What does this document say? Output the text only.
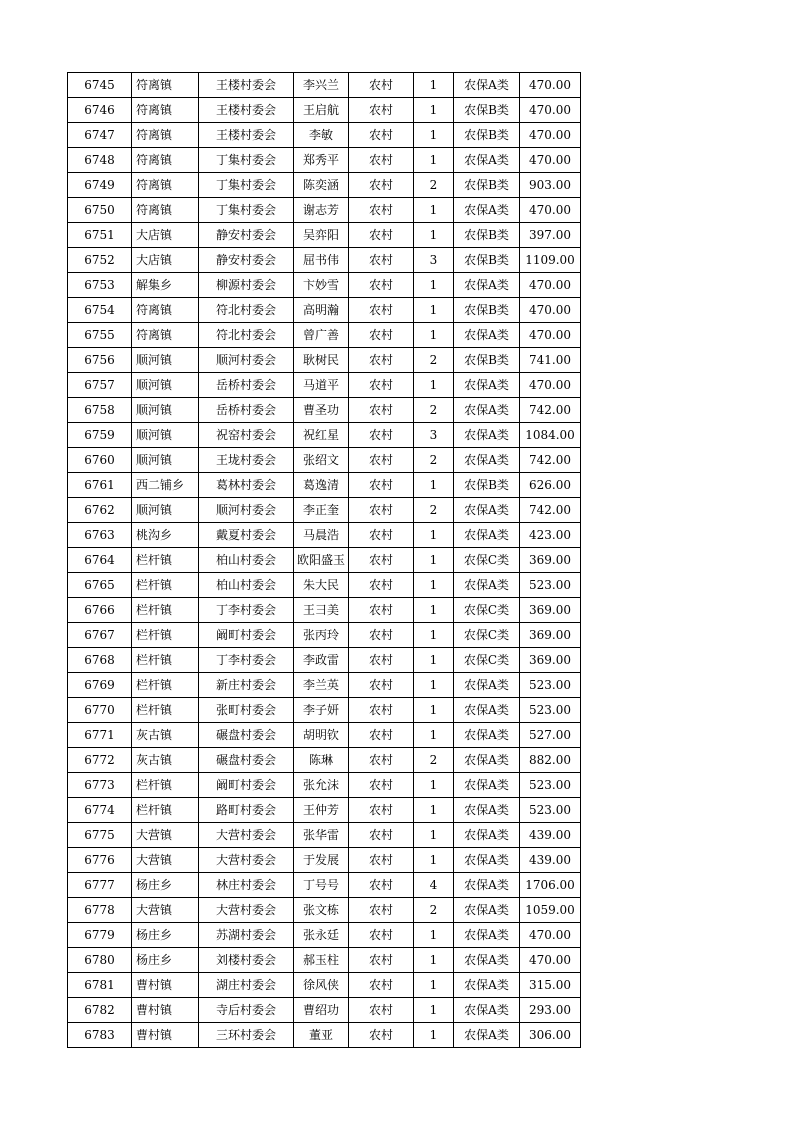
6745	符离镇	王楼村委会	李兴兰	农村	1	农保A类	470.00
6746	符离镇	王楼村委会	王启航	农村	1	农保B类	470.00
6747	符离镇	王楼村委会	李敏	农村	1	农保B类	470.00
6748	符离镇	丁集村委会	郑秀平	农村	1	农保A类	470.00
6749	符离镇	丁集村委会	陈奕涵	农村	2	农保B类	903.00
6750	符离镇	丁集村委会	谢志芳	农村	1	农保A类	470.00
6751	大店镇	静安村委会	吴弈阳	农村	1	农保B类	397.00
6752	大店镇	静安村委会	屈书伟	农村	3	农保B类	1109.00
6753	解集乡	柳源村委会	卞妙雪	农村	1	农保A类	470.00
6754	符离镇	符北村委会	高明瀚	农村	1	农保B类	470.00
6755	符离镇	符北村委会	曾广善	农村	1	农保A类	470.00
6756	顺河镇	顺河村委会	耿树民	农村	2	农保B类	741.00
6757	顺河镇	岳桥村委会	马道平	农村	1	农保A类	470.00
6758	顺河镇	岳桥村委会	曹圣功	农村	2	农保A类	742.00
6759	顺河镇	祝窑村委会	祝红星	农村	3	农保A类	1084.00
6760	顺河镇	王垅村委会	张绍文	农村	2	农保A类	742.00
6761	西二铺乡	葛林村委会	葛逸清	农村	1	农保B类	626.00
6762	顺河镇	顺河村委会	李正奎	农村	2	农保A类	742.00
6763	桃沟乡	戴夏村委会	马晨浩	农村	1	农保A类	423.00
6764	栏杆镇	柏山村委会	欧阳盛玉	农村	1	农保C类	369.00
6765	栏杆镇	柏山村委会	朱大民	农村	1	农保A类	523.00
6766	栏杆镇	丁李村委会	王彐美	农村	1	农保C类	369.00
6767	栏杆镇	阚町村委会	张丙玲	农村	1	农保C类	369.00
6768	栏杆镇	丁李村委会	李政雷	农村	1	农保C类	369.00
6769	栏杆镇	新庄村委会	李兰英	农村	1	农保A类	523.00
6770	栏杆镇	张町村委会	李子妍	农村	1	农保A类	523.00
6771	灰古镇	碾盘村委会	胡明钦	农村	1	农保A类	527.00
6772	灰古镇	碾盘村委会	陈琳	农村	2	农保A类	882.00
6773	栏杆镇	阚町村委会	张允沫	农村	1	农保A类	523.00
6774	栏杆镇	路町村委会	王仲芳	农村	1	农保A类	523.00
6775	大营镇	大营村委会	张华雷	农村	1	农保A类	439.00
6776	大营镇	大营村委会	于发展	农村	1	农保A类	439.00
6777	杨庄乡	林庄村委会	丁号号	农村	4	农保A类	1706.00
6778	大营镇	大营村委会	张文栋	农村	2	农保A类	1059.00
6779	杨庄乡	苏湖村委会	张永廷	农村	1	农保A类	470.00
6780	杨庄乡	刘楼村委会	郝玉柱	农村	1	农保A类	470.00
6781	曹村镇	湖庄村委会	徐风侠	农村	1	农保A类	315.00
6782	曹村镇	寺后村委会	曹绍功	农村	1	农保A类	293.00
6783	曹村镇	三环村委会	董亚	农村	1	农保A类	306.00
